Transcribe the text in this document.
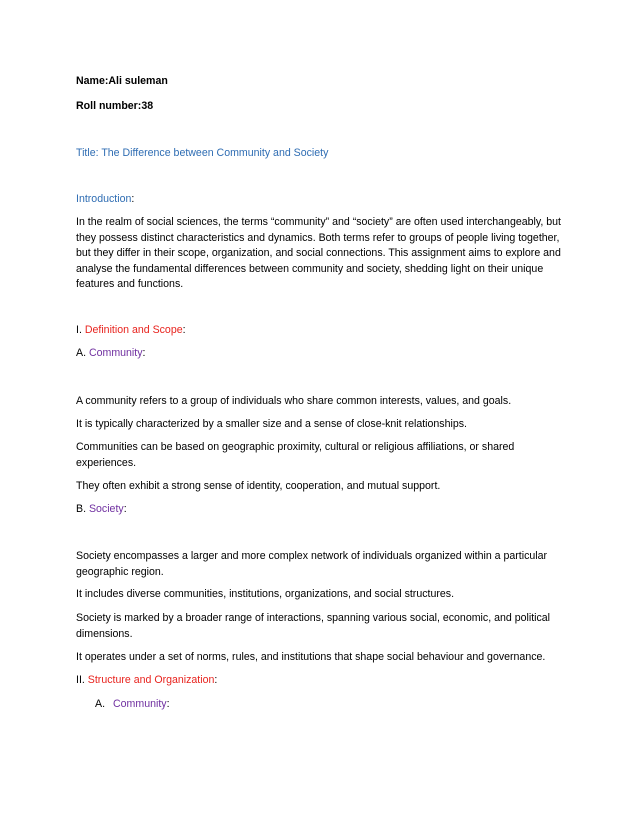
Name:Ali suleman

Roll number:38

Title: The Difference between Community and Society

Introduction:

In the realm of social sciences, the terms “community” and “society” are often used interchangeably, but they possess distinct characteristics and dynamics. Both terms refer to groups of people living together, but they differ in their scope, organization, and social connections. This assignment aims to explore and analyse the fundamental differences between community and society, shedding light on their unique features and functions.

I. Definition and Scope:

A. Community:

A community refers to a group of individuals who share common interests, values, and goals.

It is typically characterized by a smaller size and a sense of close-knit relationships.

Communities can be based on geographic proximity, cultural or religious affiliations, or shared experiences.

They often exhibit a strong sense of identity, cooperation, and mutual support.

B. Society:

Society encompasses a larger and more complex network of individuals organized within a particular geographic region.

It includes diverse communities, institutions, organizations, and social structures.

Society is marked by a broader range of interactions, spanning various social, economic, and political dimensions.

It operates under a set of norms, rules, and institutions that shape social behaviour and governance.

II. Structure and Organization:

A. Community:
